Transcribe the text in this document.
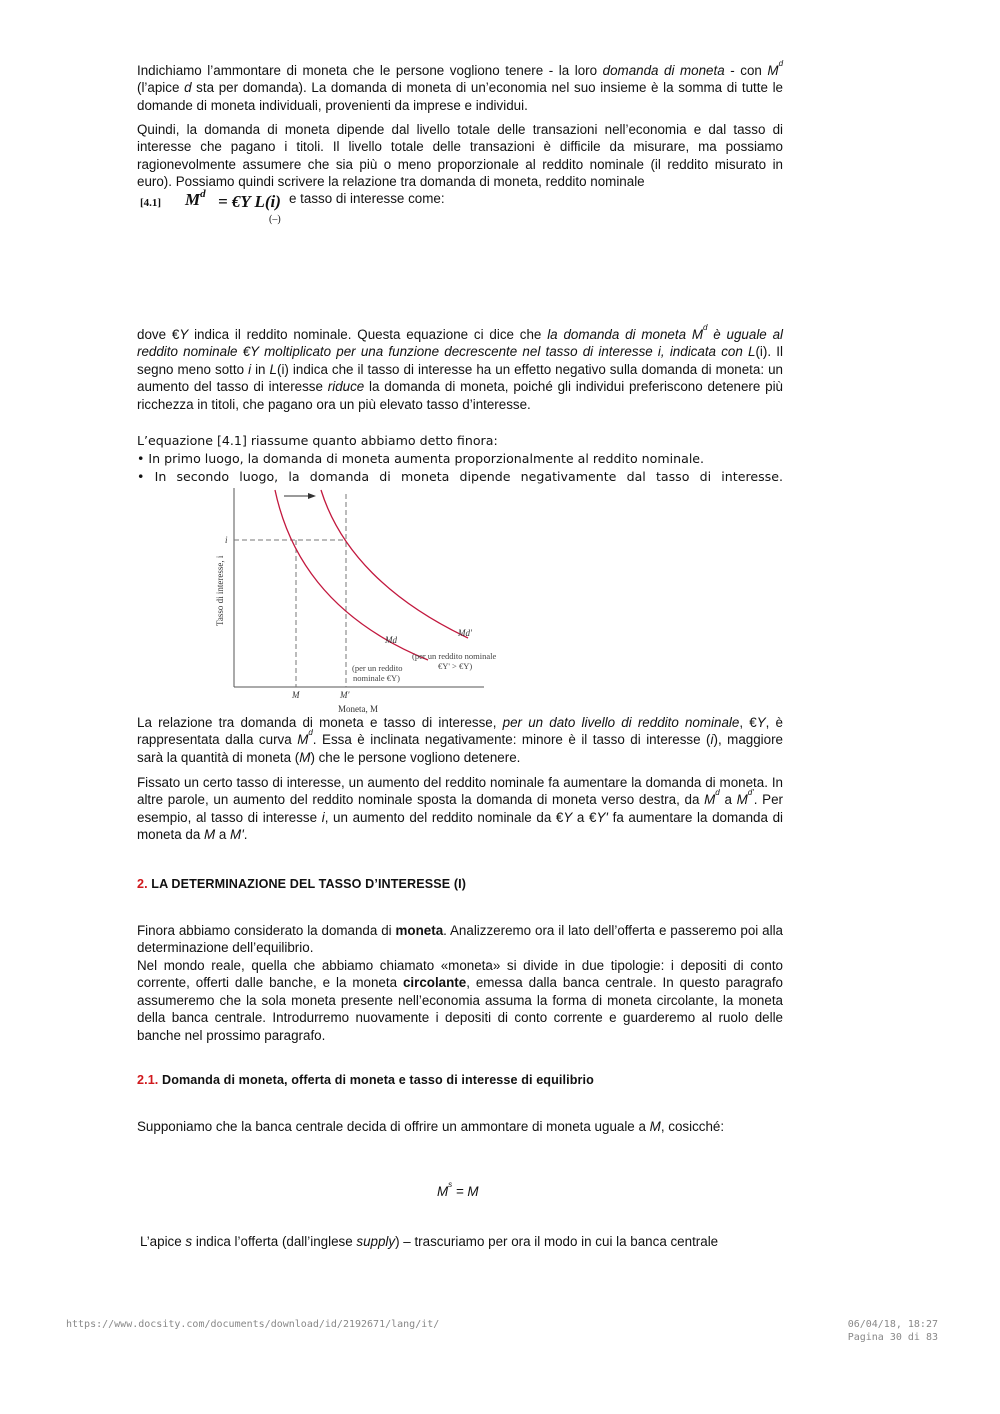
Indichiamo l’ammontare di moneta che le persone vogliono tenere - la loro domanda di moneta - con $M^d$ (l’apice d sta per domanda). La domanda di moneta di un’economia nel suo insieme è la somma di tutte le domande di moneta individuali, provenienti da imprese e individui.

Quindi, la domanda di moneta dipende dal livello totale delle transazioni nell’economia e dal tasso di interesse che pagano i titoli. Il livello totale delle transazioni è difficile da misurare, ma possiamo ragionevolmente assumere che sia più o meno proporzionale al reddito nominale (il reddito misurato in euro). Possiamo quindi scrivere la relazione tra domanda di moneta, reddito nominale

[4.1] $M^d$ = €Y L(i)
(–)
e tasso di interesse come:

dove €Y indica il reddito nominale. Questa equazione ci dice che la domanda di moneta $M^d$ è uguale al reddito nominale €Y moltiplicato per una funzione decrescente nel tasso di interesse i, indicata con L(i). Il segno meno sotto i in L(i) indica che il tasso di interesse ha un effetto negativo sulla domanda di moneta: un aumento del tasso di interesse riduce la domanda di moneta, poiché gli individui preferiscono detenere più ricchezza in titoli, che pagano ora un più elevato tasso d’interesse.

L’equazione [4.1] riassume quanto abbiamo detto finora:

• In primo luogo, la domanda di moneta aumenta proporzionalmente al reddito nominale.

• In secondo luogo, la domanda di moneta dipende negativamente dal tasso di interesse.

Tasso di interesse, i
i
M	M'
Moneta, M
Md
Md'
(per un reddito
nominale €Y)
(per un reddito nominale
€Y' > €Y)

La relazione tra domanda di moneta e tasso di interesse, per un dato livello di reddito nominale, €Y, è rappresentata dalla curva $M^d$. Essa è inclinata negativamente: minore è il tasso di interesse (i), maggiore sarà la quantità di moneta (M) che le persone vogliono detenere.

Fissato un certo tasso di interesse, un aumento del reddito nominale fa aumentare la domanda di moneta. In altre parole, un aumento del reddito nominale sposta la domanda di moneta verso destra, da $M^d$ a $M^{d'}$. Per esempio, al tasso di interesse i, un aumento del reddito nominale da €Y a €Y' fa aumentare la domanda di moneta da M a M'.

2. LA DETERMINAZIONE DEL TASSO D’INTERESSE (I)

Finora abbiamo considerato la domanda di moneta. Analizzeremo ora il lato dell’offerta e passeremo poi alla determinazione dell’equilibrio.

Nel mondo reale, quella che abbiamo chiamato «moneta» si divide in due tipologie: i depositi di conto corrente, offerti dalle banche, e la moneta circolante, emessa dalla banca centrale. In questo paragrafo assumeremo che la sola moneta presente nell’economia assuma la forma di moneta circolante, la moneta della banca centrale. Introdurremo nuovamente i depositi di conto corrente e guarderemo al ruolo delle banche nel prossimo paragrafo.

2.1. Domanda di moneta, offerta di moneta e tasso di interesse di equilibrio

Supponiamo che la banca centrale decida di offrire un ammontare di moneta uguale a M, cosicché:

$M^s = M$

L’apice s indica l’offerta (dall’inglese supply) – trascuriamo per ora il modo in cui la banca centrale

https://www.docsity.com/documents/download/id/2192671/lang/it/	06/04/18, 18:27
Pagina 30 di 83
